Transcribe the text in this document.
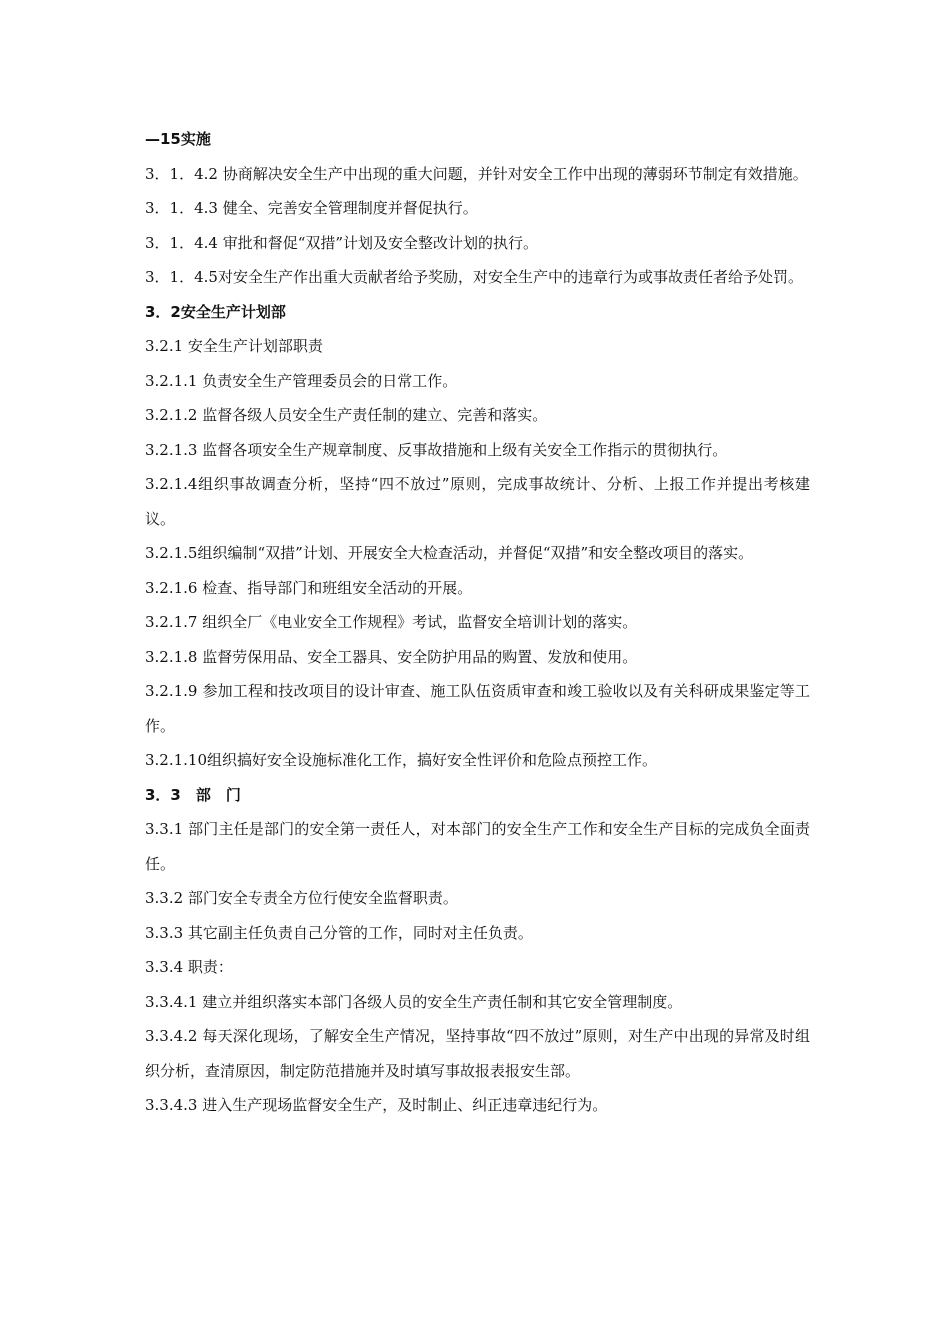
—15实施

3．1．4.2 协商解决安全生产中出现的重大问题，并针对安全工作中出现的薄弱环节制定有效措施。

3．1．4.3 健全、完善安全管理制度并督促执行。

3．1．4.4 审批和督促“双措”计划及安全整改计划的执行。

3．1．4.5对安全生产作出重大贡献者给予奖励，对安全生产中的违章行为或事故责任者给予处罚。

3．2安全生产计划部

3.2.1 安全生产计划部职责

3.2.1.1 负责安全生产管理委员会的日常工作。

3.2.1.2 监督各级人员安全生产责任制的建立、完善和落实。

3.2.1.3 监督各项安全生产规章制度、反事故措施和上级有关安全工作指示的贯彻执行。

3.2.1.4组织事故调查分析，坚持“四不放过”原则，完成事故统计、分析、上报工作并提出考核建议。

3.2.1.5组织编制“双措”计划、开展安全大检查活动，并督促“双措”和安全整改项目的落实。

3.2.1.6 检查、指导部门和班组安全活动的开展。

3.2.1.7 组织全厂《电业安全工作规程》考试，监督安全培训计划的落实。

3.2.1.8 监督劳保用品、安全工器具、安全防护用品的购置、发放和使用。

3.2.1.9 参加工程和技改项目的设计审查、施工队伍资质审查和竣工验收以及有关科研成果鉴定等工作。

3.2.1.10组织搞好安全设施标准化工作，搞好安全性评价和危险点预控工作。

3．3　部　门

3.3.1 部门主任是部门的安全第一责任人，对本部门的安全生产工作和安全生产目标的完成负全面责任。

3.3.2 部门安全专责全方位行使安全监督职责。

3.3.3 其它副主任负责自己分管的工作，同时对主任负责。

3.3.4 职责：

3.3.4.1 建立并组织落实本部门各级人员的安全生产责任制和其它安全管理制度。

3.3.4.2 每天深化现场，了解安全生产情况，坚持事故“四不放过”原则，对生产中出现的异常及时组织分析，查清原因，制定防范措施并及时填写事故报表报安生部。

3.3.4.3 进入生产现场监督安全生产，及时制止、纠正违章违纪行为。
